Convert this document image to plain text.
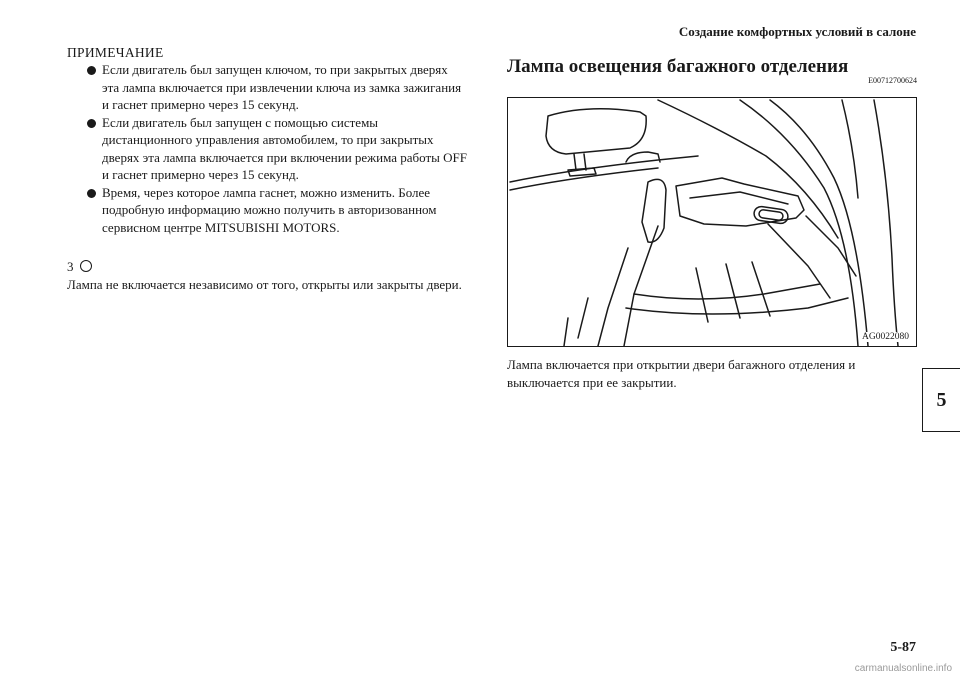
Создание комфортных условий в салоне
ПРИМЕЧАНИЕ
Если двигатель был запущен ключом, то при закрытых дверях эта лампа включается при извлечении ключа из замка зажигания и гаснет примерно через 15 секунд.
Если двигатель был запущен с помощью системы дистанционного управления автомобилем, то при закрытых дверях эта лампа включается при включении режима работы OFF и гаснет примерно через 15 секунд.
Время, через которое лампа гаснет, можно изменить. Более подробную информацию можно получить в авторизованном сервисном центре MITSUBISHI MOTORS.
3
Лампа не включается независимо от того, открыты или закрыты двери.
Лампа освещения багажного отделения
E00712700624
AG0022080
Лампа включается при открытии двери багажного отделения и выключается при ее закрытии.
5
5-87
carmanualsonline.info
